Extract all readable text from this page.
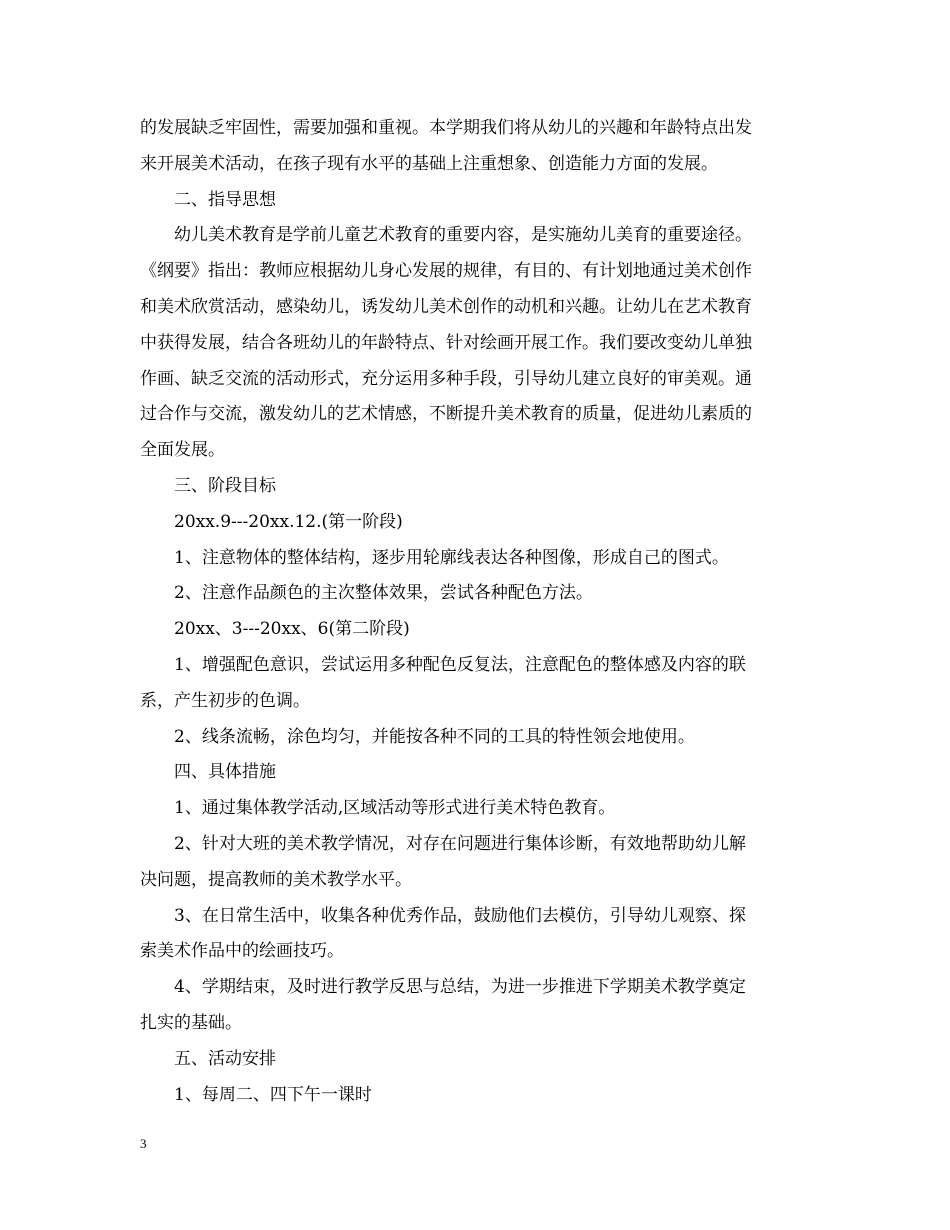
的发展缺乏牢固性，需要加强和重视。本学期我们将从幼儿的兴趣和年龄特点出发

来开展美术活动，在孩子现有水平的基础上注重想象、创造能力方面的发展。

二、指导思想

幼儿美术教育是学前儿童艺术教育的重要内容，是实施幼儿美育的重要途径。

《纲要》指出：教师应根据幼儿身心发展的规律，有目的、有计划地通过美术创作

和美术欣赏活动，感染幼儿，诱发幼儿美术创作的动机和兴趣。让幼儿在艺术教育

中获得发展，结合各班幼儿的年龄特点、针对绘画开展工作。我们要改变幼儿单独

作画、缺乏交流的活动形式，充分运用多种手段，引导幼儿建立良好的审美观。通

过合作与交流，激发幼儿的艺术情感，不断提升美术教育的质量，促进幼儿素质的

全面发展。

三、阶段目标

20xx.9---20xx.12.(第一阶段)

1、注意物体的整体结构，逐步用轮廓线表达各种图像，形成自己的图式。

2、注意作品颜色的主次整体效果，尝试各种配色方法。

20xx、3---20xx、6(第二阶段)

1、增强配色意识，尝试运用多种配色反复法，注意配色的整体感及内容的联

系，产生初步的色调。

2、线条流畅，涂色均匀，并能按各种不同的工具的特性领会地使用。

四、具体措施

1、通过集体教学活动,区域活动等形式进行美术特色教育。

2、针对大班的美术教学情况，对存在问题进行集体诊断，有效地帮助幼儿解

决问题，提高教师的美术教学水平。

3、在日常生活中，收集各种优秀作品，鼓励他们去模仿，引导幼儿观察、探

索美术作品中的绘画技巧。

4、学期结束，及时进行教学反思与总结，为进一步推进下学期美术教学奠定

扎实的基础。

五、活动安排

1、每周二、四下午一课时

3
